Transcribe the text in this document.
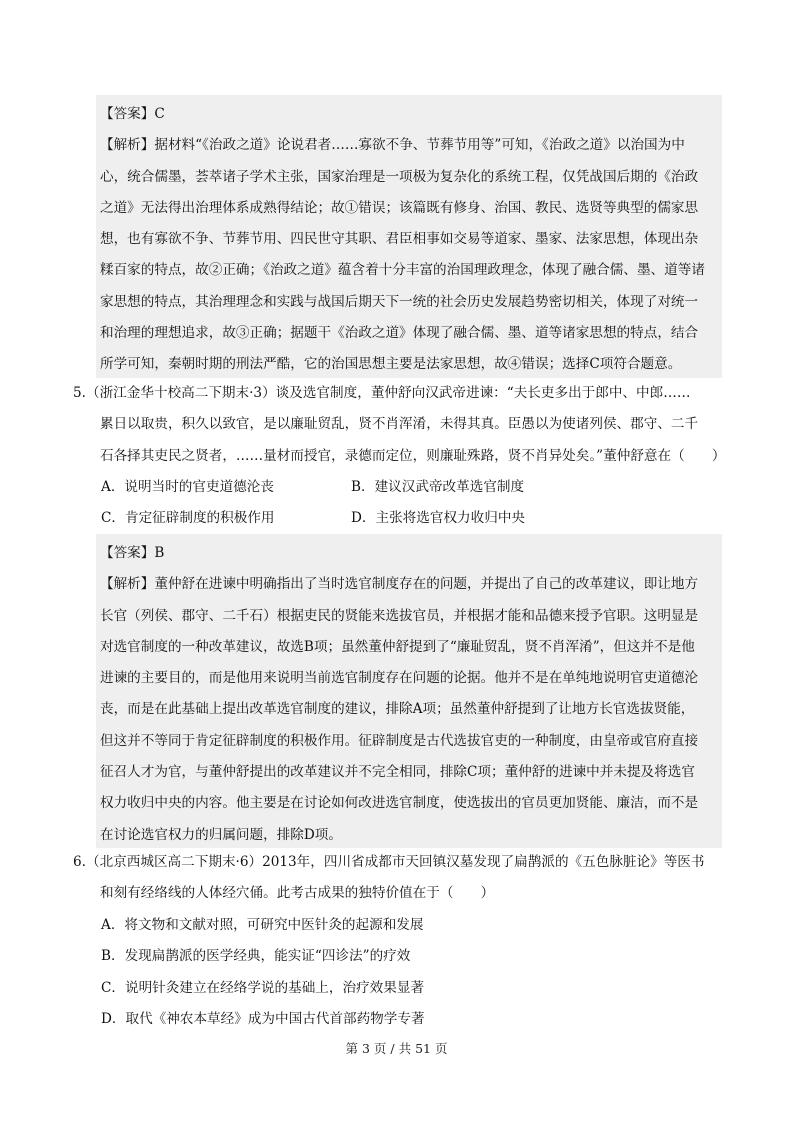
【答案】C

【解析】据材料“《治政之道》论说君者……寡欲不争、节葬节用等”可知，《治政之道》以治国为中

心，统合儒墨，荟萃诸子学术主张，国家治理是一项极为复杂化的系统工程，仅凭战国后期的《治政

之道》无法得出治理体系成熟得结论；故①错误；该篇既有修身、治国、教民、选贤等典型的儒家思

想，也有寡欲不争、节葬节用、四民世守其职、君臣相事如交易等道家、墨家、法家思想，体现出杂

糅百家的特点，故②正确；《治政之道》蕴含着十分丰富的治国理政理念，体现了融合儒、墨、道等诸

家思想的特点，其治理理念和实践与战国后期天下一统的社会历史发展趋势密切相关，体现了对统一

和治理的理想追求，故③正确；据题干《治政之道》体现了融合儒、墨、道等诸家思想的特点，结合

所学可知，秦朝时期的刑法严酷，它的治国思想主要是法家思想，故④错误；选择C项符合题意。

5.（浙江金华十校高二下期末·3）谈及选官制度，董仲舒向汉武帝进谏：“夫长吏多出于郎中、中郎……

累日以取贵，积久以致官，是以廉耻贸乱，贤不肖浑淆，未得其真。臣愚以为使诸列侯、郡守、二千

石各择其吏民之贤者，……量材而授官，录德而定位，则廉耻殊路，贤不肖异处矣。”董仲舒意在（　　）

A．说明当时的官吏道德沦丧	B．建议汉武帝改革选官制度
C．肯定征辟制度的积极作用	D．主张将选官权力收归中央

【答案】B

【解析】董仲舒在进谏中明确指出了当时选官制度存在的问题，并提出了自己的改革建议，即让地方

长官（列侯、郡守、二千石）根据吏民的贤能来选拔官员，并根据才能和品德来授予官职。这明显是

对选官制度的一种改革建议，故选B项；虽然董仲舒提到了“廉耻贸乱，贤不肖浑淆”，但这并不是他

进谏的主要目的，而是他用来说明当前选官制度存在问题的论据。他并不是在单纯地说明官吏道德沦

丧，而是在此基础上提出改革选官制度的建议，排除A项；虽然董仲舒提到了让地方长官选拔贤能，

但这并不等同于肯定征辟制度的积极作用。征辟制度是古代选拔官吏的一种制度，由皇帝或官府直接

征召人才为官，与董仲舒提出的改革建议并不完全相同，排除C项；董仲舒的进谏中并未提及将选官

权力收归中央的内容。他主要是在讨论如何改进选官制度，使选拔出的官员更加贤能、廉洁，而不是

在讨论选官权力的归属问题，排除D项。

6.（北京西城区高二下期末·6）2013年，四川省成都市天回镇汉墓发现了扁鹊派的《五色脉脏论》等医书

和刻有经络线的人体经穴俑。此考古成果的独特价值在于（　　）

A．将文物和文献对照，可研究中医针灸的起源和发展
B．发现扁鹊派的医学经典，能实证“四诊法”的疗效
C．说明针灸建立在经络学说的基础上，治疗效果显著
D．取代《神农本草经》成为中国古代首部药物学专著
第 3 页 / 共 51 页
